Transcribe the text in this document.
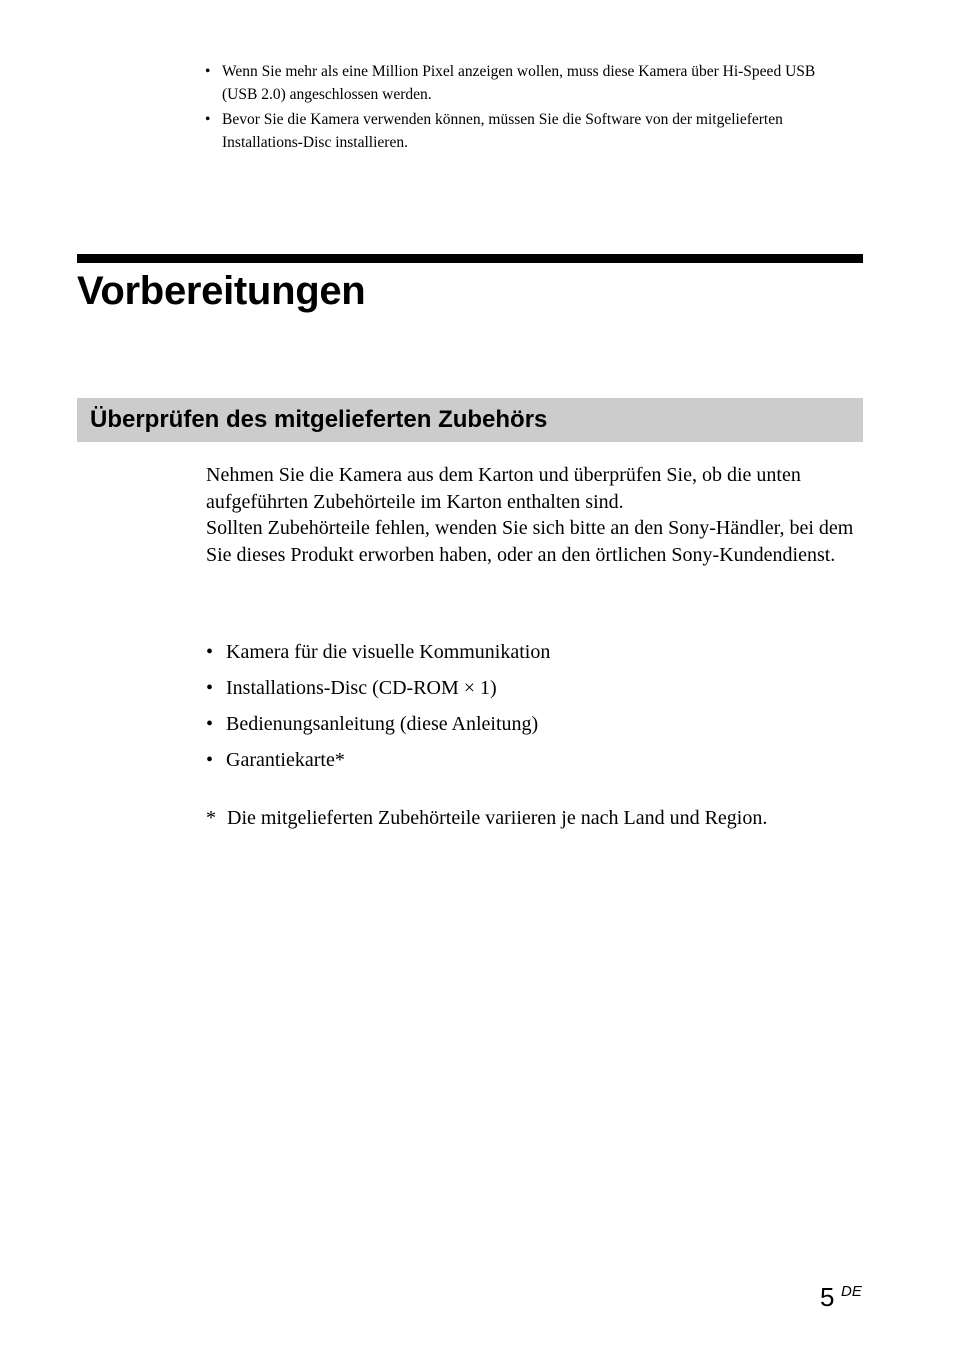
• Wenn Sie mehr als eine Million Pixel anzeigen wollen, muss diese Kamera über Hi-Speed USB (USB 2.0) angeschlossen werden.
• Bevor Sie die Kamera verwenden können, müssen Sie die Software von der mitgelieferten Installations-Disc installieren.
Vorbereitungen
Überprüfen des mitgelieferten Zubehörs

Nehmen Sie die Kamera aus dem Karton und überprüfen Sie, ob die unten aufgeführten Zubehörteile im Karton enthalten sind.

Sollten Zubehörteile fehlen, wenden Sie sich bitte an den Sony-Händler, bei dem Sie dieses Produkt erworben haben, oder an den örtlichen Sony-Kundendienst.

• Kamera für die visuelle Kommunikation
• Installations-Disc (CD-ROM × 1)
• Bedienungsanleitung (diese Anleitung)
• Garantiekarte*
* Die mitgelieferten Zubehörteile variieren je nach Land und Region.
5 DE
